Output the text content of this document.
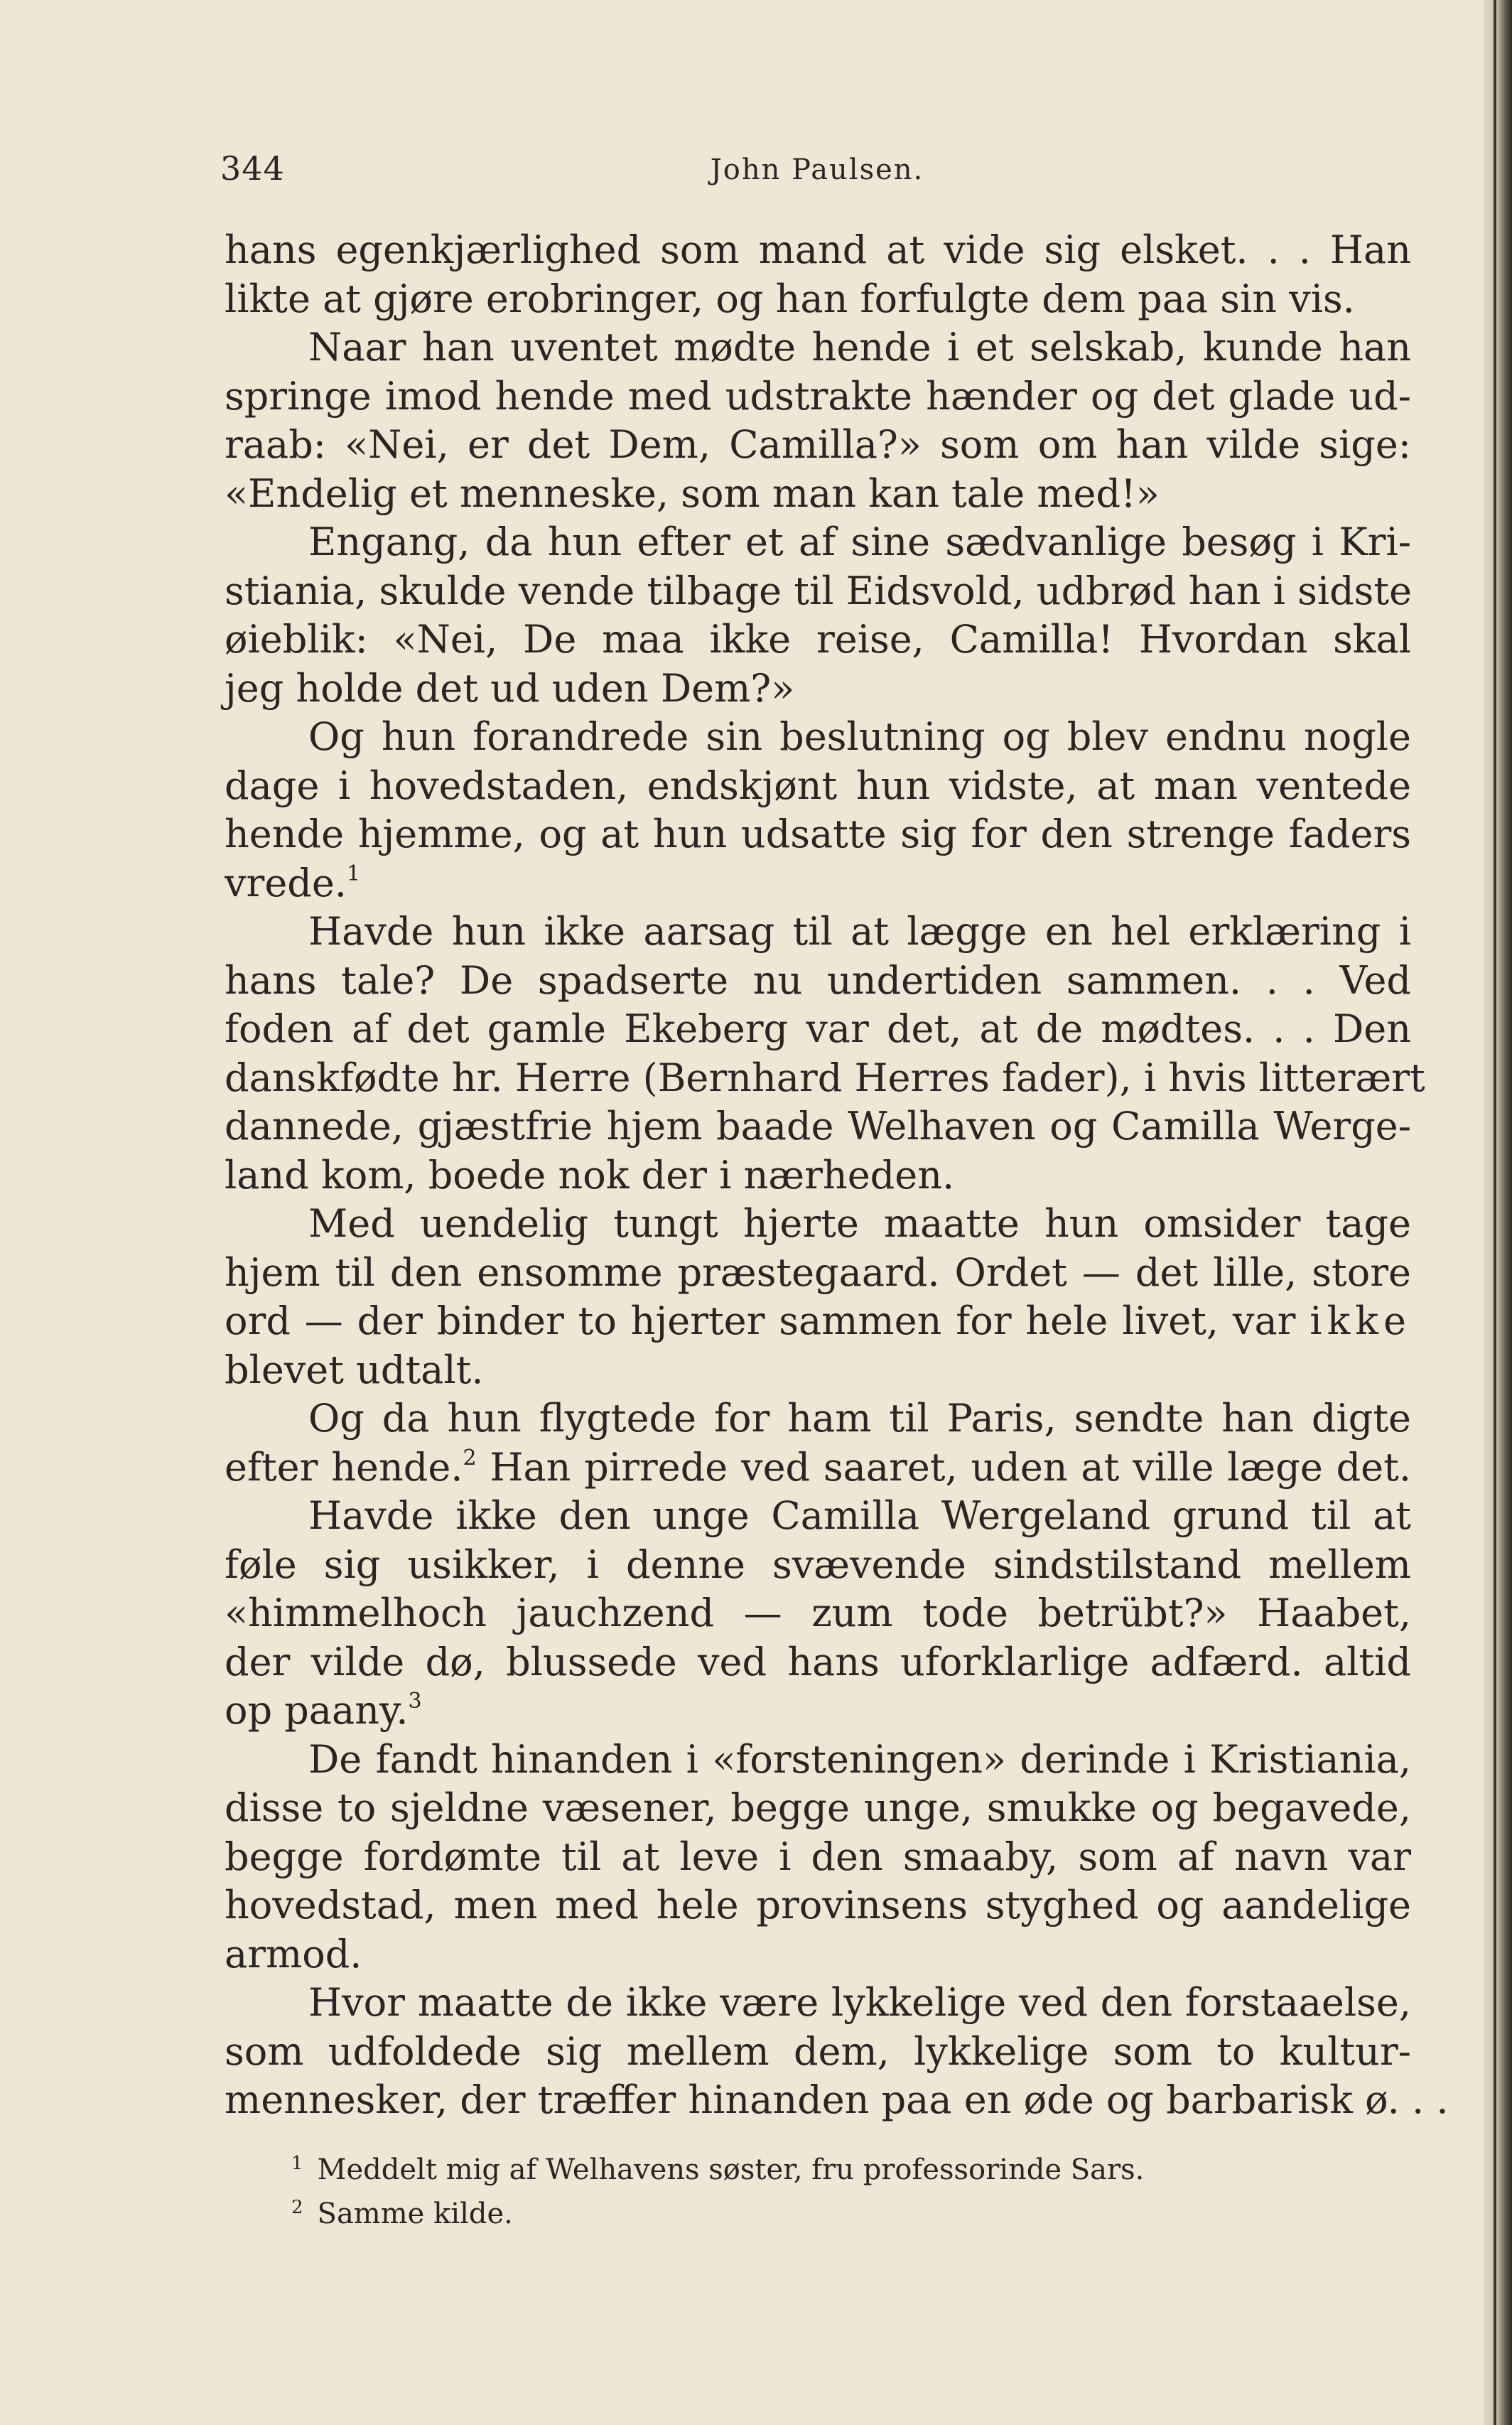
344	John Paulsen.
hans egenkjærlighed som mand at vide sig elsket. . . Han
likte at gjøre erobringer, og han forfulgte dem paa sin vis.
Naar han uventet mødte hende i et selskab, kunde han
springe imod hende med udstrakte hænder og det glade ud-
raab: «Nei, er det Dem, Camilla?» som om han vilde sige:
«Endelig et menneske, som man kan tale med!»
Engang, da hun efter et af sine sædvanlige besøg i Kri-
stiania, skulde vende tilbage til Eidsvold, udbrød han i sidste
øieblik: «Nei, De maa ikke reise, Camilla! Hvordan skal
jeg holde det ud uden Dem?»
Og hun forandrede sin beslutning og blev endnu nogle
dage i hovedstaden, endskjønt hun vidste, at man ventede
hende hjemme, og at hun udsatte sig for den strenge faders
vrede.$^1$
Havde hun ikke aarsag til at lægge en hel erklæring i
hans tale? De spadserte nu undertiden sammen. . . Ved
foden af det gamle Ekeberg var det, at de mødtes. . . Den
danskfødte hr. Herre (Bernhard Herres fader), i hvis litterært
dannede, gjæstfrie hjem baade Welhaven og Camilla Werge-
land kom, boede nok der i nærheden.
Med uendelig tungt hjerte maatte hun omsider tage
hjem til den ensomme præstegaard. Ordet — det lille, store
ord — der binder to hjerter sammen for hele livet, var ikke
blevet udtalt.
Og da hun flygtede for ham til Paris, sendte han digte
efter hende.$^2$ Han pirrede ved saaret, uden at ville læge det.
Havde ikke den unge Camilla Wergeland grund til at
føle sig usikker, i denne svævende sindstilstand mellem
«himmelhoch jauchzend — zum tode betrübt?» Haabet,
der vilde dø, blussede ved hans uforklarlige adfærd. altid
op paany.$^3$
De fandt hinanden i «forsteningen» derinde i Kristiania,
disse to sjeldne væsener, begge unge, smukke og begavede,
begge fordømte til at leve i den smaaby, som af navn var
hovedstad, men med hele provinsens styghed og aandelige
armod.
Hvor maatte de ikke være lykkelige ved den forstaaelse,
som udfoldede sig mellem dem, lykkelige som to kultur-
mennesker, der træffer hinanden paa en øde og barbarisk ø. . .
$^1$ Meddelt mig af Welhavens søster, fru professorinde Sars.
$^2$ Samme kilde.
